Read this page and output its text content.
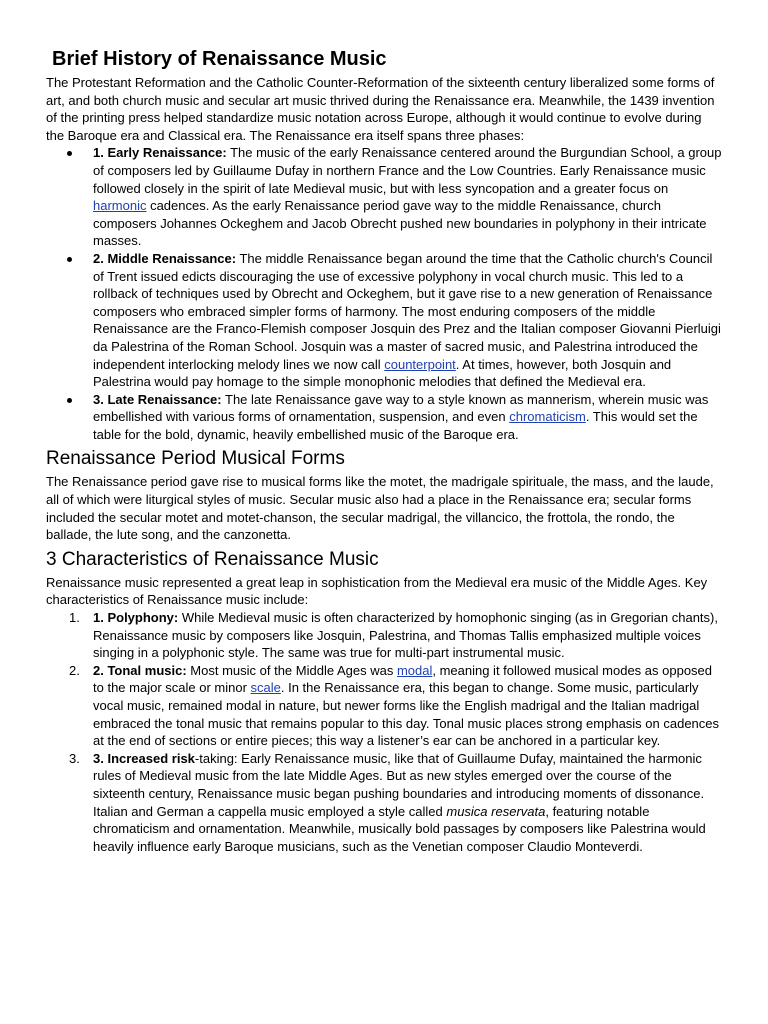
Brief History of Renaissance Music

The Protestant Reformation and the Catholic Counter-Reformation of the sixteenth century liberalized some forms of art, and both church music and secular art music thrived during the Renaissance era. Meanwhile, the 1439 invention of the printing press helped standardize music notation across Europe, although it would continue to evolve during the Baroque era and Classical era. The Renaissance era itself spans three phases:

1. Early Renaissance: The music of the early Renaissance centered around the Burgundian School, a group of composers led by Guillaume Dufay in northern France and the Low Countries. Early Renaissance music followed closely in the spirit of late Medieval music, but with less syncopation and a greater focus on harmonic cadences. As the early Renaissance period gave way to the middle Renaissance, church composers Johannes Ockeghem and Jacob Obrecht pushed new boundaries in polyphony in their intricate masses.
2. Middle Renaissance: The middle Renaissance began around the time that the Catholic church's Council of Trent issued edicts discouraging the use of excessive polyphony in vocal church music. This led to a rollback of techniques used by Obrecht and Ockeghem, but it gave rise to a new generation of Renaissance composers who embraced simpler forms of harmony. The most enduring composers of the middle Renaissance are the Franco-Flemish composer Josquin des Prez and the Italian composer Giovanni Pierluigi da Palestrina of the Roman School. Josquin was a master of sacred music, and Palestrina introduced the independent interlocking melody lines we now call counterpoint. At times, however, both Josquin and Palestrina would pay homage to the simple monophonic melodies that defined the Medieval era.
3. Late Renaissance: The late Renaissance gave way to a style known as mannerism, wherein music was embellished with various forms of ornamentation, suspension, and even chromaticism. This would set the table for the bold, dynamic, heavily embellished music of the Baroque era.
Renaissance Period Musical Forms

The Renaissance period gave rise to musical forms like the motet, the madrigale spirituale, the mass, and the laude, all of which were liturgical styles of music. Secular music also had a place in the Renaissance era; secular forms included the secular motet and motet-chanson, the secular madrigal, the villancico, the frottola, the rondo, the ballade, the lute song, and the canzonetta.

3 Characteristics of Renaissance Music

Renaissance music represented a great leap in sophistication from the Medieval era music of the Middle Ages. Key characteristics of Renaissance music include:

1. 1. Polyphony: While Medieval music is often characterized by homophonic singing (as in Gregorian chants), Renaissance music by composers like Josquin, Palestrina, and Thomas Tallis emphasized multiple voices singing in a polyphonic style. The same was true for multi-part instrumental music.
2. 2. Tonal music: Most music of the Middle Ages was modal, meaning it followed musical modes as opposed to the major scale or minor scale. In the Renaissance era, this began to change. Some music, particularly vocal music, remained modal in nature, but newer forms like the English madrigal and the Italian madrigal embraced the tonal music that remains popular to this day. Tonal music places strong emphasis on cadences at the end of sections or entire pieces; this way a listener’s ear can be anchored in a particular key.
3. 3. Increased risk-taking: Early Renaissance music, like that of Guillaume Dufay, maintained the harmonic rules of Medieval music from the late Middle Ages. But as new styles emerged over the course of the sixteenth century, Renaissance music began pushing boundaries and introducing moments of dissonance. Italian and German a cappella music employed a style called musica reservata, featuring notable chromaticism and ornamentation. Meanwhile, musically bold passages by composers like Palestrina would heavily influence early Baroque musicians, such as the Venetian composer Claudio Monteverdi.
